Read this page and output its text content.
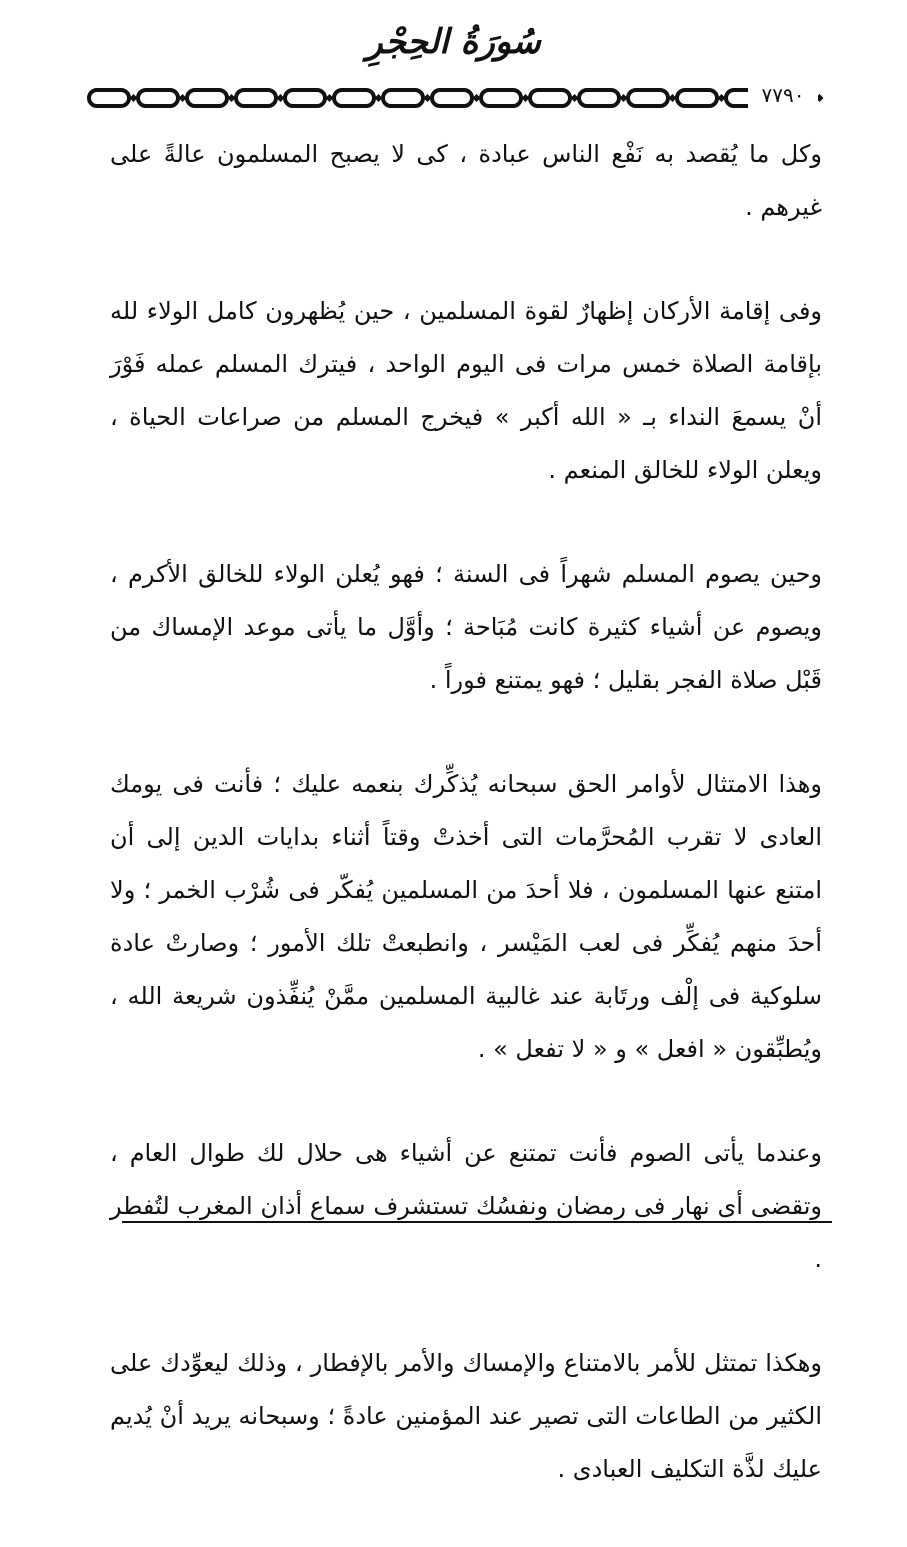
سُورَةُ الحِجْرِ
٧٧٩٠

وكل ما يُقصد به نَفْع الناس عبادة ، كى لا يصبح المسلمون عالةً على غيرهم .

وفى إقامة الأركان إظهارٌ لقوة المسلمين ، حين يُظهرون كامل الولاء لله بإقامة الصلاة خمس مرات فى اليوم الواحد ، فيترك المسلم عمله فَوْرَ أنْ يسمعَ النداء بـ « الله أكبر » فيخرج المسلم من صراعات الحياة ، ويعلن الولاء للخالق المنعم .

وحين يصوم المسلم شهراً فى السنة ؛ فهو يُعلن الولاء للخالق الأكرم ، ويصوم عن أشياء كثيرة كانت مُبَاحة ؛ وأوَّل ما يأتى موعد الإمساك من قَبْل صلاة الفجر بقليل ؛ فهو يمتنع فوراً .

وهذا الامتثال لأوامر الحق سبحانه يُذكِّرك بنعمه عليك ؛ فأنت فى يومك العادى لا تقرب المُحرَّمات التى أخذتْ وقتاً أثناء بدايات الدين إلى أن امتنع عنها المسلمون ، فلا أحدَ من المسلمين يُفكّر فى شُرْب الخمر ؛ ولا أحدَ منهم يُفكِّر فى لعب المَيْسر ، وانطبعتْ تلك الأمور ؛ وصارتْ عادة سلوكية فى إلْف ورتَابة عند غالبية المسلمين ممَّنْ يُنفِّذون شريعة الله ، ويُطبِّقون « افعل » و « لا تفعل » .

وعندما يأتى الصوم فأنت تمتنع عن أشياء هى حلال لك طوال العام ، وتقضى أى نهار فى رمضان ونفسُك تستشرف سماع أذان المغرب لتُفطر .

وهكذا تمتثل للأمر بالامتناع والإمساك والأمر بالإفطار ، وذلك ليعوِّدك على الكثير من الطاعات التى تصير عند المؤمنين عادةً ؛ وسبحانه يريد أنْ يُديم عليك لذَّة التكليف العبادى .
